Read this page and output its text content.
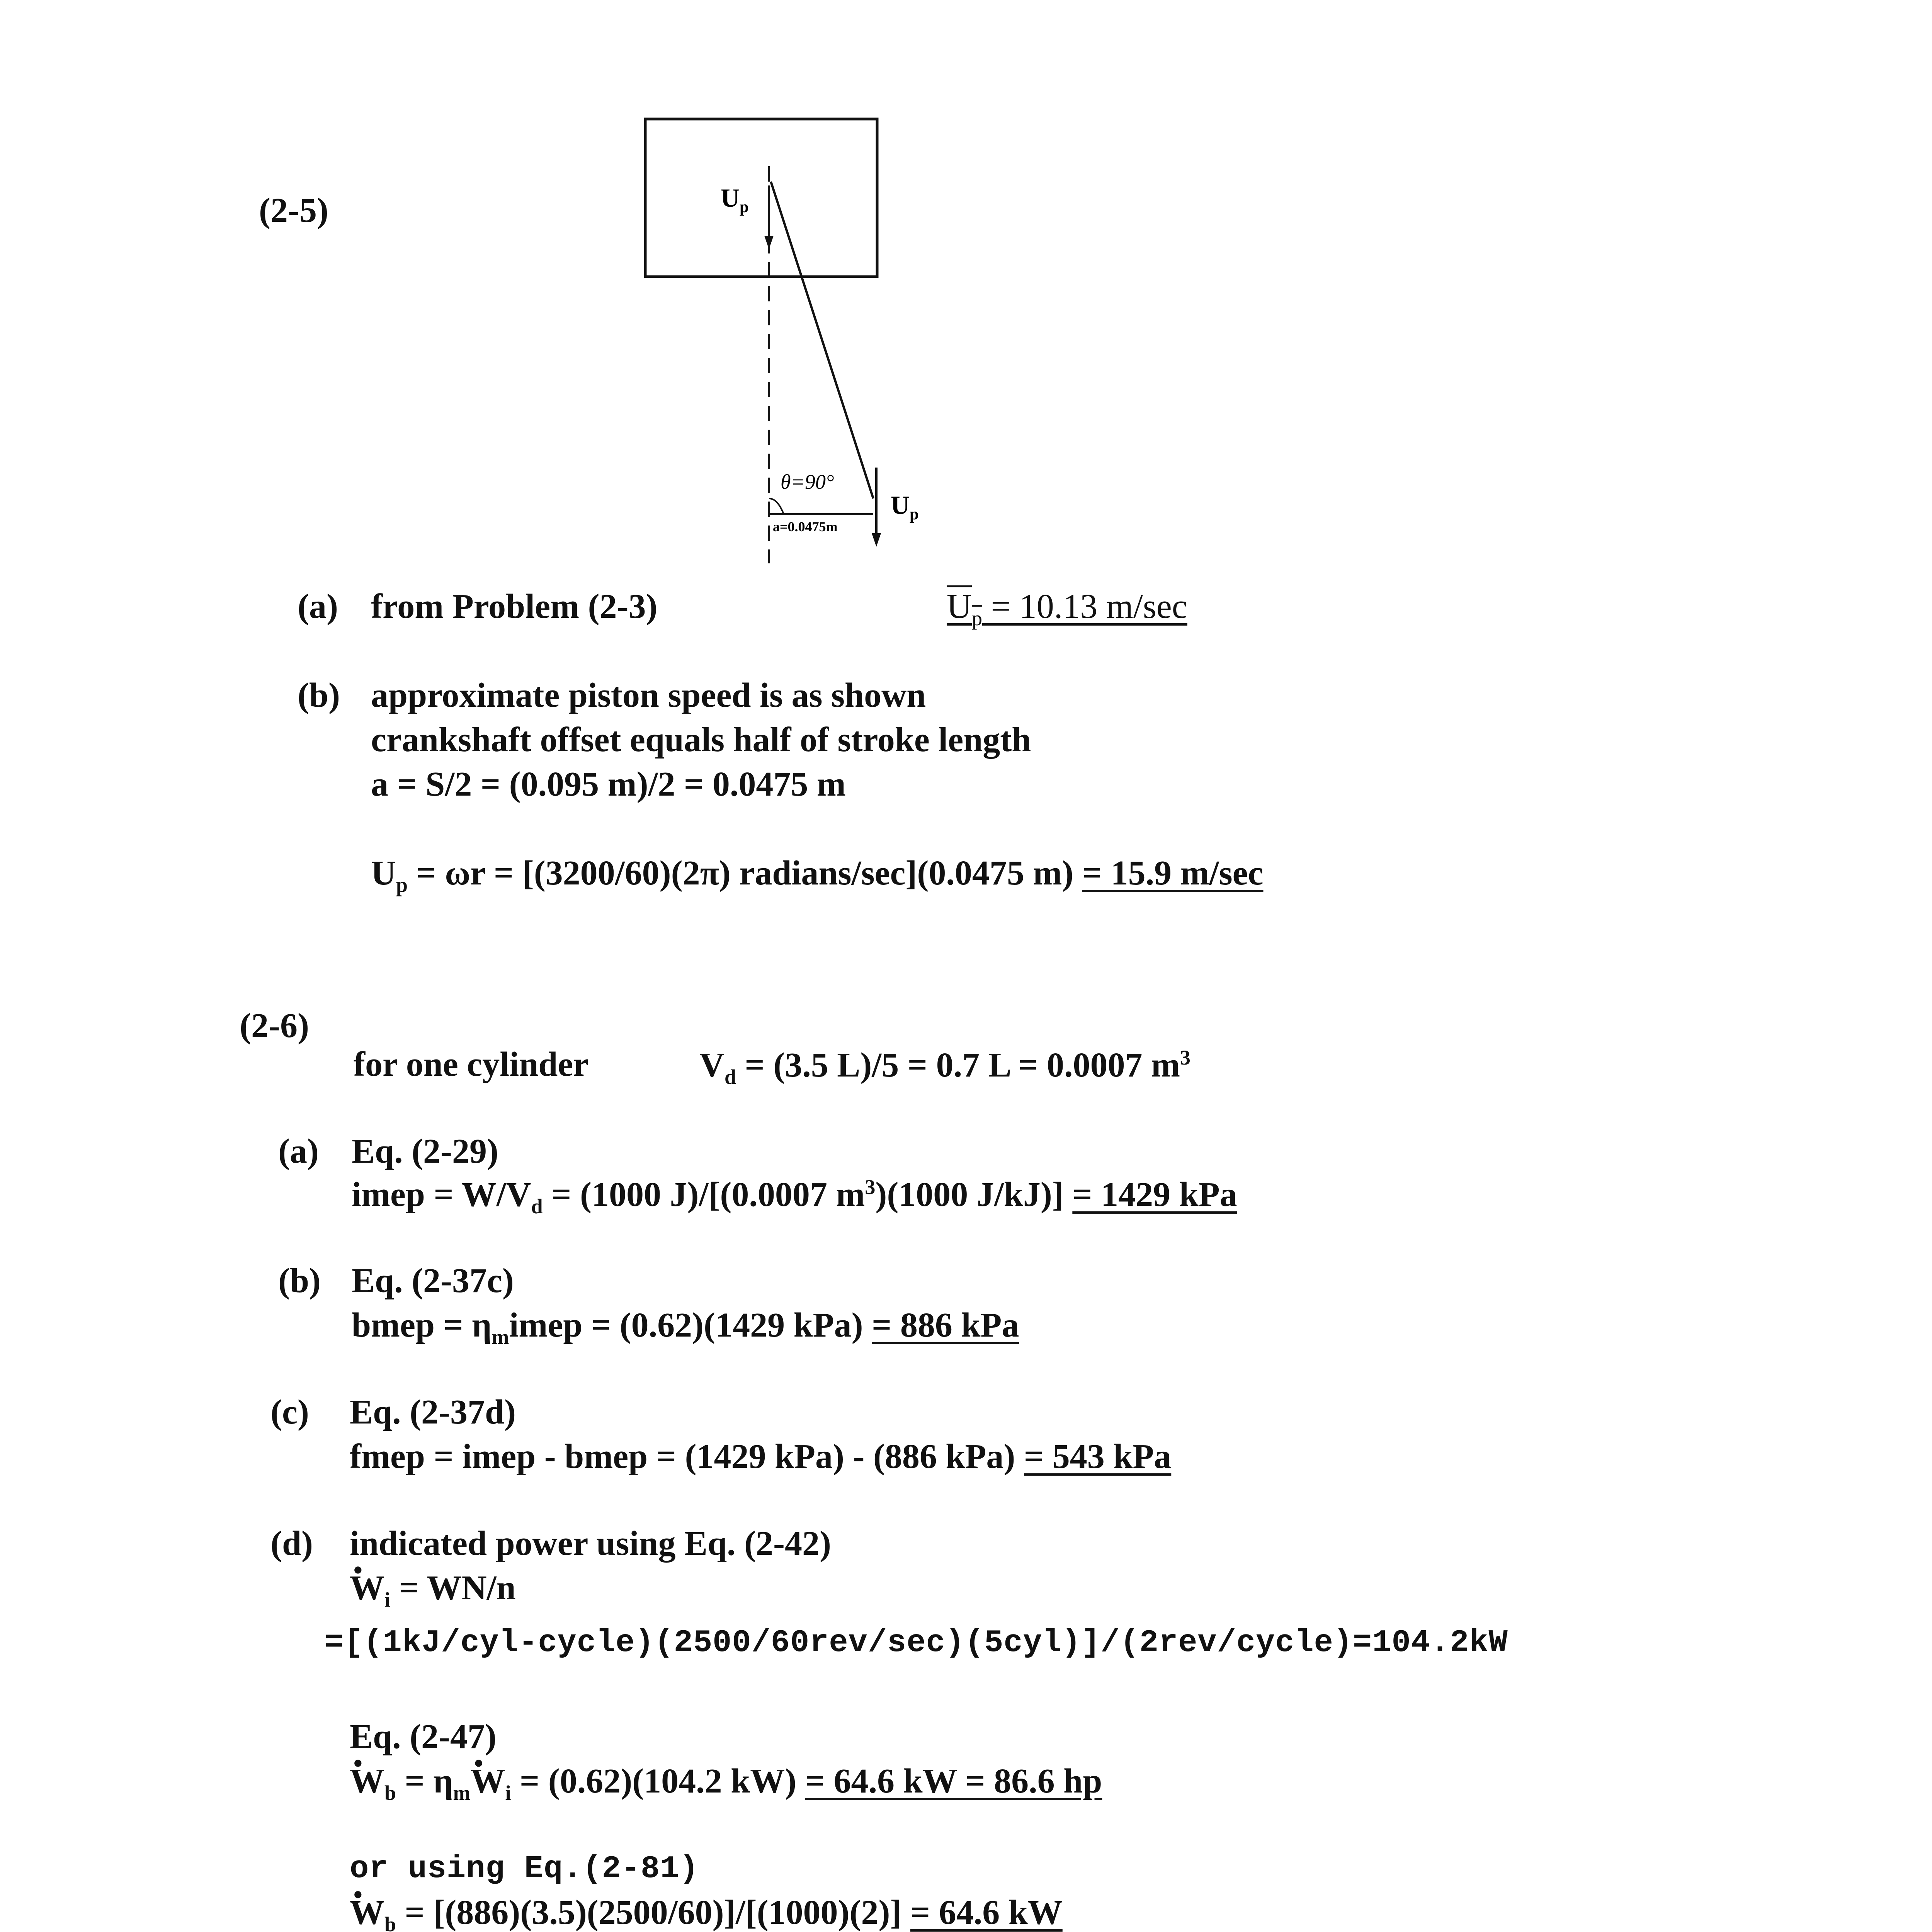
(2-5)	$U_p$
θ=90°
a=0.0475m
$U_p$
(a) from Problem (2-3)	$U_p = 10.13$ m/sec
(b) approximate piston speed is as shown
crankshaft offset equals half of stroke length
a = S/2 = (0.095 m)/2 = 0.0475 m
$U_p = \omega r = [(3200/60)(2\pi)$ radians/sec](0.0475 m) = 15.9 m/sec
(2-6)
for one cylinder	$V_d = (3.5$ L)/5 = 0.7 L = 0.0007 $m^3$
(a) Eq. (2-29)
imep = $W/V_d = (1000$ J)/[(0.0007 $m^3)(1000$ J/kJ)] = 1429 kPa
(b) Eq. (2-37c)
bmep = $\eta_mimep = (0.62)(1429$ kPa) = 886 kPa
(c) Eq. (2-37d)
fmep = imep - bmep = (1429 kPa) - (886 kPa) = 543 kPa
(d) indicated power using Eq. (2-42)
• $W_i = WN/n$
=[(1kJ/cyl-cycle)(2500/60rev/sec)(5cyl)]/(2rev/cycle)=104.2kW
Eq. (2-47)
• $W_b$ = $\eta_m•$ $W_i = (0.62)(104.2$ kW) = 64.6 kW = 86.6 hp
or using Eq.(2-81)
• $W_b = [(886)(3.5)(2500/60)]/[(1000)(2)] = 64.6$ kW
